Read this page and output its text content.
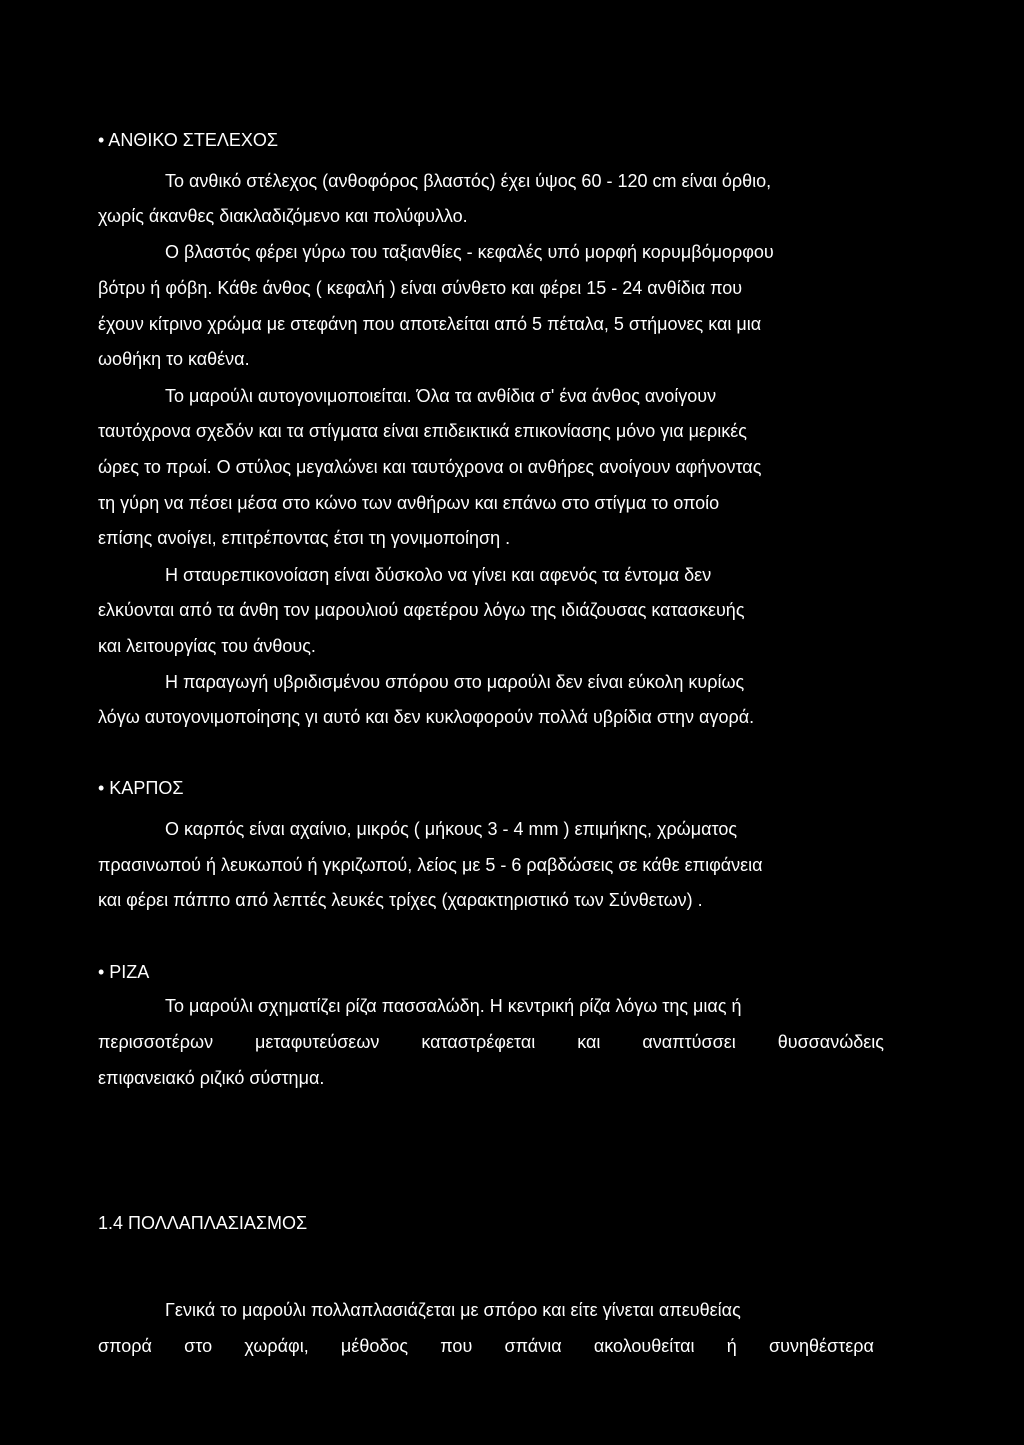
• ΑΝΘΙΚΟ ΣΤΕΛΕΧΟΣ
Το ανθικό στέλεχος (ανθοφόρος βλαστός) έχει ύψος 60 - 120 cm είναι όρθιο,
χωρίς άκανθες διακλαδιζόμενο και πολύφυλλο.
Ο βλαστός φέρει γύρω του ταξιανθίες - κεφαλές υπό μορφή κορυμβόμορφου
βότρυ ή φόβη. Κάθε άνθος ( κεφαλή ) είναι σύνθετο και φέρει 15 - 24 ανθίδια που
έχουν κίτρινο χρώμα με στεφάνη που αποτελείται από 5 πέταλα, 5 στήμονες και μια
ωοθήκη το καθένα.
Το μαρούλι αυτογονιμοποιείται. Όλα τα ανθίδια σ' ένα άνθος ανοίγουν
ταυτόχρονα σχεδόν και τα στίγματα είναι επιδεικτικά επικονίασης μόνο για μερικές
ώρες το πρωί. Ο στύλος μεγαλώνει και ταυτόχρονα οι ανθήρες ανοίγουν αφήνοντας
τη γύρη να πέσει μέσα στο κώνο των ανθήρων και επάνω στο στίγμα το οποίο
επίσης ανοίγει, επιτρέποντας έτσι τη γονιμοποίηση .
Η σταυρεπικονοίαση είναι δύσκολο να γίνει και αφενός τα έντομα δεν
ελκύονται από τα άνθη τον μαρουλιού αφετέρου λόγω της ιδιάζουσας κατασκευής
και λειτουργίας του άνθους.
Η παραγωγή υβριδισμένου σπόρου στο μαρούλι δεν είναι εύκολη κυρίως
λόγω αυτογονιμοποίησης γι αυτό και δεν κυκλοφορούν πολλά υβρίδια στην αγορά.
• ΚΑΡΠΟΣ
Ο καρπός είναι αχαίνιο, μικρός ( μήκους 3 - 4 mm ) επιμήκης, χρώματος
πρασινωπού ή λευκωπού ή γκριζωπού, λείος με 5 - 6 ραβδώσεις σε κάθε επιφάνεια
και φέρει πάππο από λεπτές λευκές τρίχες (χαρακτηριστικό των Σύνθετων) .
• ΡΙΖΑ
Το μαρούλι σχηματίζει ρίζα πασσαλώδη. Η κεντρική ρίζα λόγω της μιας ή
περισσοτέρων μεταφυτεύσεων καταστρέφεται και αναπτύσσει θυσσανώδεις
επιφανειακό ριζικό σύστημα.
1.4 ΠΟΛΛΑΠΛΑΣΙΑΣΜΟΣ
Γενικά το μαρούλι πολλαπλασιάζεται με σπόρο και είτε γίνεται απευθείας
σπορά στο χωράφι, μέθοδος που σπάνια ακολουθείται ή συνηθέστερα
